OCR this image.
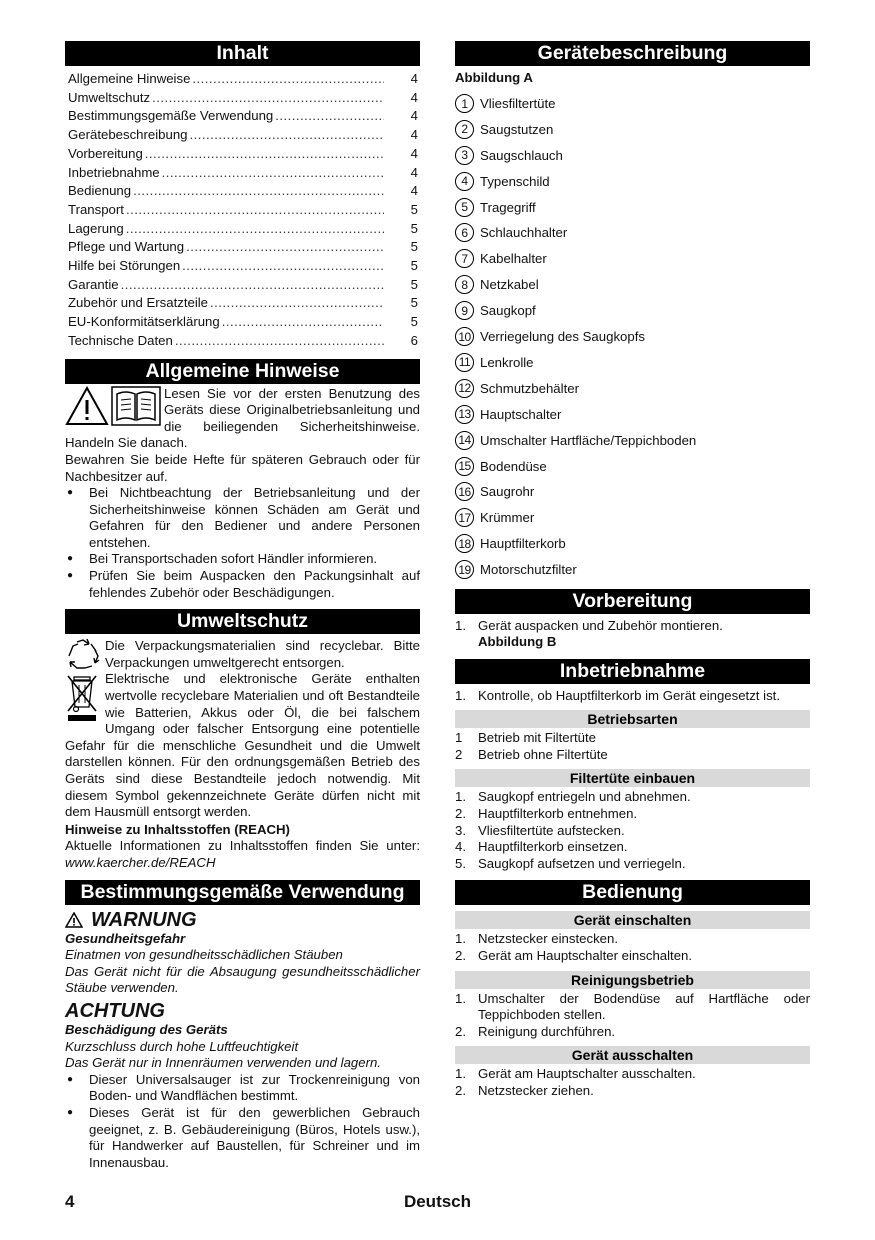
Inhalt
Allgemeine Hinweise . . .	4
Umweltschutz . . .	4
Bestimmungsgemäße Verwendung . . .	4
Gerätebeschreibung . . .	4
Vorbereitung . . .	4
Inbetriebnahme . . .	4
Bedienung . . .	4
Transport . . .	5
Lagerung . . .	5
Pflege und Wartung . . .	5
Hilfe bei Störungen . . .	5
Garantie . . .	5
Zubehör und Ersatzteile . . .	5
EU-Konformitätserklärung . . .	5
Technische Daten . . .	6
Allgemeine Hinweise

Lesen Sie vor der ersten Benutzung des Geräts diese Originalbetriebsanleitung und die beiliegenden Sicherheitshinweise. Handeln Sie danach.

Bewahren Sie beide Hefte für späteren Gebrauch oder für Nachbesitzer auf.

● Bei Nichtbeachtung der Betriebsanleitung und der Sicherheitshinweise können Schäden am Gerät und Gefahren für den Bediener und andere Personen entstehen.
● Bei Transportschaden sofort Händler informieren.
● Prüfen Sie beim Auspacken den Packungsinhalt auf fehlendes Zubehör oder Beschädigungen.
Umweltschutz

Die Verpackungsmaterialien sind recyclebar. Bitte Verpackungen umweltgerecht entsorgen.

Elektrische und elektronische Geräte enthalten wertvolle recyclebare Materialien und oft Bestandteile wie Batterien, Akkus oder Öl, die bei falschem Umgang oder falscher Entsorgung eine potentielle Gefahr für die menschliche Gesundheit und die Umwelt darstellen können. Für den ordnungsgemäßen Betrieb des Geräts sind diese Bestandteile jedoch notwendig. Mit diesem Symbol gekennzeichnete Geräte dürfen nicht mit dem Hausmüll entsorgt werden.

Hinweise zu Inhaltsstoffen (REACH)

Aktuelle Informationen zu Inhaltsstoffen finden Sie unter: www.kaercher.de/REACH

Bestimmungsgemäße Verwendung
WARNUNG

Gesundheitsgefahr

Einatmen von gesundheitsschädlichen Stäuben

Das Gerät nicht für die Absaugung gesundheitsschädlicher Stäube verwenden.

ACHTUNG

Beschädigung des Geräts

Kurzschluss durch hohe Luftfeuchtigkeit

Das Gerät nur in Innenräumen verwenden und lagern.

● Dieser Universalsauger ist zur Trockenreinigung von Boden- und Wandflächen bestimmt.
● Dieses Gerät ist für den gewerblichen Gebrauch geeignet, z. B. Gebäudereinigung (Büros, Hotels usw.), für Handwerker auf Baustellen, für Schreiner und im Innenausbau.
Gerätebeschreibung

Abbildung A

1 Vliesfiltertüte
2 Saugstutzen
3 Saugschlauch
4 Typenschild
5 Tragegriff
6 Schlauchhalter
7 Kabelhalter
8 Netzkabel
9 Saugkopf
10 Verriegelung des Saugkopfs
11 Lenkrolle
12 Schmutzbehälter
13 Hauptschalter
14 Umschalter Hartfläche/Teppichboden
15 Bodendüse
16 Saugrohr
17 Krümmer
18 Hauptfilterkorb
19 Motorschutzfilter
Vorbereitung
1. Gerät auspacken und Zubehör montieren.
Abbildung B
Inbetriebnahme
1. Kontrolle, ob Hauptfilterkorb im Gerät eingesetzt ist.
Betriebsarten
1 Betrieb mit Filtertüte
2 Betrieb ohne Filtertüte
Filtertüte einbauen
1. Saugkopf entriegeln und abnehmen.
2. Hauptfilterkorb entnehmen.
3. Vliesfiltertüte aufstecken.
4. Hauptfilterkorb einsetzen.
5. Saugkopf aufsetzen und verriegeln.
Bedienung
Gerät einschalten
1. Netzstecker einstecken.
2. Gerät am Hauptschalter einschalten.
Reinigungsbetrieb
1. Umschalter der Bodendüse auf Hartfläche oder Teppichboden stellen.
2. Reinigung durchführen.
Gerät ausschalten
1. Gerät am Hauptschalter ausschalten.
2. Netzstecker ziehen.
4	Deutsch
